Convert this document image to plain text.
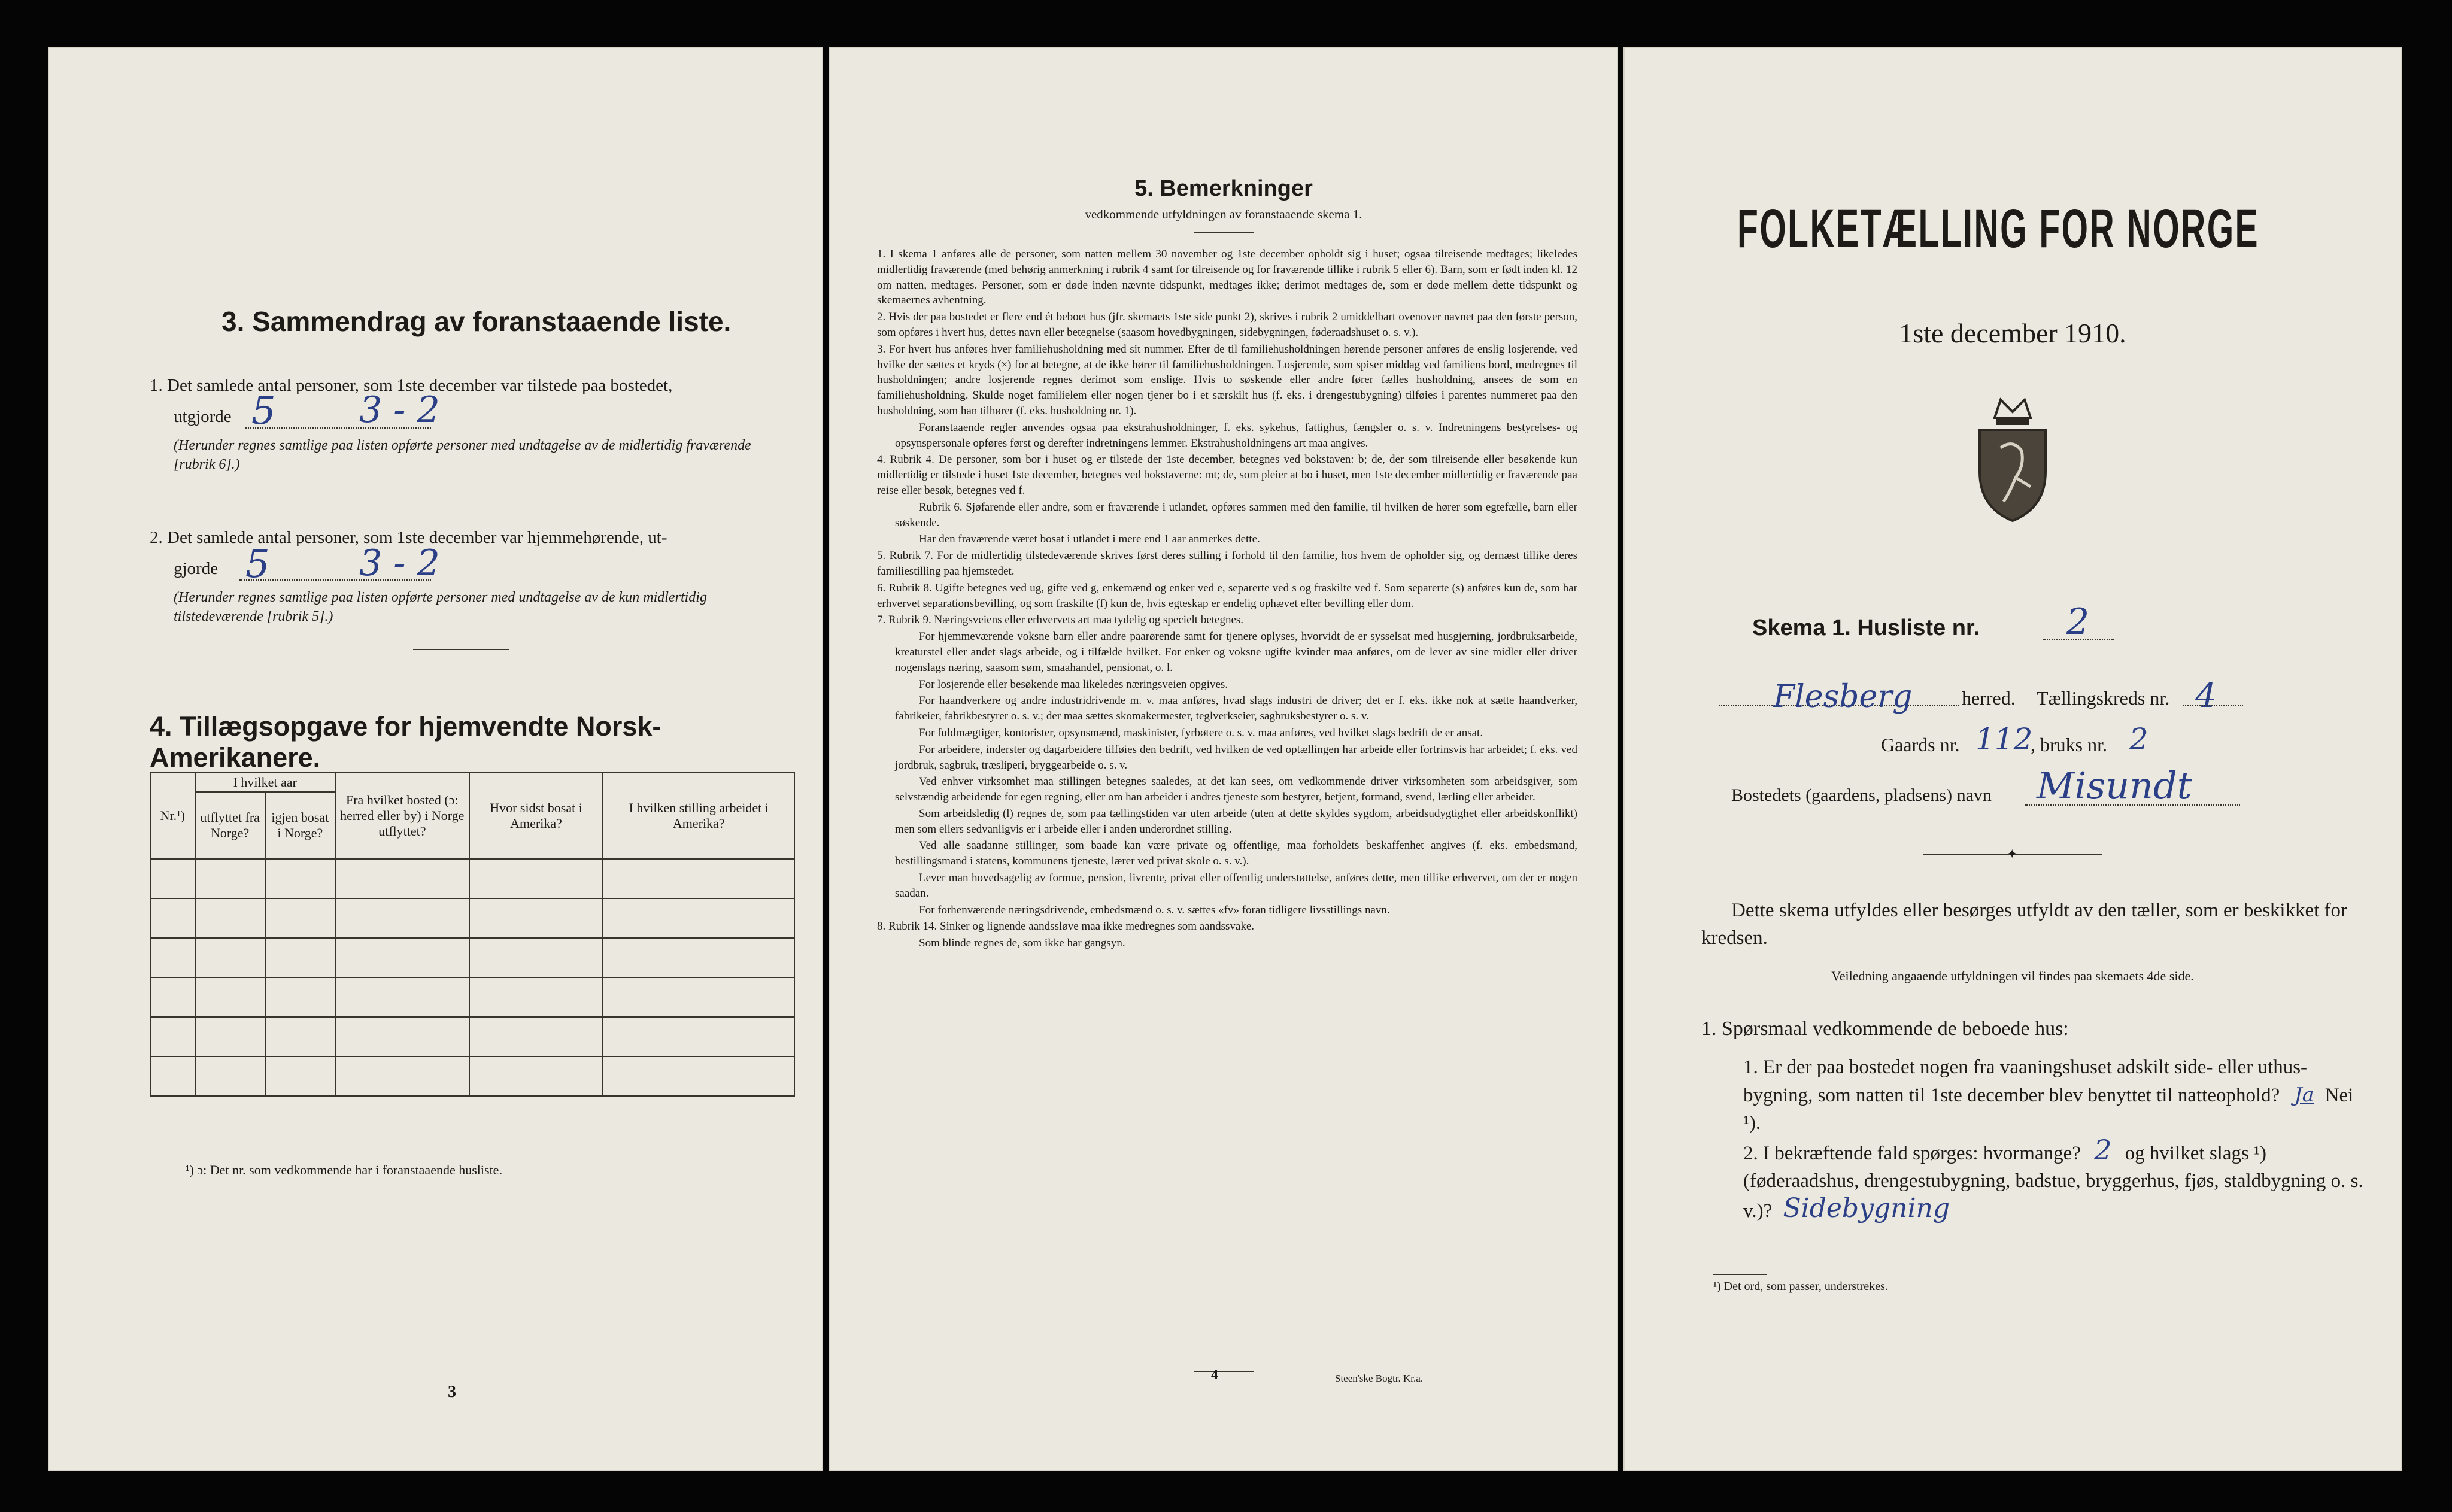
3. Sammendrag av foranstaaende liste.
1. Det samlede antal personer, som 1ste december var tilstede paa bostedet,
utgjorde 5 3 - 2
(Herunder regnes samtlige paa listen opførte personer med undtagelse av de midlertidig fraværende [rubrik 6].)
2. Det samlede antal personer, som 1ste december var hjemmehørende, ut-
gjorde 5 3 - 2
(Herunder regnes samtlige paa listen opførte personer med undtagelse av de kun midlertidig tilstedeværende [rubrik 5].)
4. Tillægsopgave for hjemvendte Norsk-Amerikanere.
Nr.¹)	I hvilket aar		Fra hvilket bosted (ɔ: herred eller by) i Norge utflyttet?	Hvor sidst bosat i Amerika?	I hvilken stilling arbeidet i Amerika?
	utflyttet fra Norge?	igjen bosat i Norge?			

¹) ɔ: Det nr. som vedkommende har i foranstaaende husliste.
3
5. Bemerkninger
vedkommende utfyldningen av foranstaaende skema 1.
1. I skema 1 anføres alle de personer, som natten mellem 30 november og 1ste december opholdt sig i huset; ogsaa tilreisende medtages; likeledes midlertidig fraværende (med behørig anmerkning i rubrik 4 samt for tilreisende og for fraværende tillike i rubrik 5 eller 6). Barn, som er født inden kl. 12 om natten, medtages. Personer, som er døde inden nævnte tidspunkt, medtages ikke; derimot medtages de, som er døde mellem dette tidspunkt og skemaernes avhentning.
2. Hvis der paa bostedet er flere end ét beboet hus (jfr. skemaets 1ste side punkt 2), skrives i rubrik 2 umiddelbart ovenover navnet paa den første person, som opføres i hvert hus, dettes navn eller betegnelse (saasom hovedbygningen, sidebygningen, føderaadshuset o. s. v.).
3. For hvert hus anføres hver familiehusholdning med sit nummer. Efter de til familiehusholdningen hørende personer anføres de enslig losjerende, ved hvilke der sættes et kryds (×) for at betegne, at de ikke hører til familiehusholdningen. Losjerende, som spiser middag ved familiens bord, medregnes til husholdningen; andre losjerende regnes derimot som enslige. Hvis to søskende eller andre fører fælles husholdning, ansees de som en familiehusholdning. Skulde noget familielem eller nogen tjener bo i et særskilt hus (f. eks. i drengestubygning) tilføies i parentes nummeret paa den husholdning, som han tilhører (f. eks. husholdning nr. 1).
Foranstaaende regler anvendes ogsaa paa ekstrahusholdninger, f. eks. sykehus, fattighus, fængsler o. s. v. Indretningens bestyrelses- og opsynspersonale opføres først og derefter indretningens lemmer. Ekstrahusholdningens art maa angives.
4. Rubrik 4. De personer, som bor i huset og er tilstede der 1ste december, betegnes ved bokstaven: b; de, der som tilreisende eller besøkende kun midlertidig er tilstede i huset 1ste december, betegnes ved bokstaverne: mt; de, som pleier at bo i huset, men 1ste december midlertidig er fraværende paa reise eller besøk, betegnes ved f.
Rubrik 6. Sjøfarende eller andre, som er fraværende i utlandet, opføres sammen med den familie, til hvilken de hører som egtefælle, barn eller søskende.
Har den fraværende været bosat i utlandet i mere end 1 aar anmerkes dette.
5. Rubrik 7. For de midlertidig tilstedeværende skrives først deres stilling i forhold til den familie, hos hvem de opholder sig, og dernæst tillike deres familiestilling paa hjemstedet.
6. Rubrik 8. Ugifte betegnes ved ug, gifte ved g, enkemænd og enker ved e, separerte ved s og fraskilte ved f. Som separerte (s) anføres kun de, som har erhvervet separationsbevilling, og som fraskilte (f) kun de, hvis egteskap er endelig ophævet efter bevilling eller dom.
7. Rubrik 9. Næringsveiens eller erhvervets art maa tydelig og specielt betegnes.
For hjemmeværende voksne barn eller andre paarørende samt for tjenere oplyses, hvorvidt de er sysselsat med husgjerning, jordbruksarbeide, kreaturstel eller andet slags arbeide, og i tilfælde hvilket. For enker og voksne ugifte kvinder maa anføres, om de lever av sine midler eller driver nogenslags næring, saasom søm, smaahandel, pensionat, o. l.
For losjerende eller besøkende maa likeledes næringsveien opgives.
For haandverkere og andre industridrivende m. v. maa anføres, hvad slags industri de driver; det er f. eks. ikke nok at sætte haandverker, fabrikeier, fabrikbestyrer o. s. v.; der maa sættes skomakermester, teglverkseier, sagbruksbestyrer o. s. v.
For fuldmægtiger, kontorister, opsynsmænd, maskinister, fyrbøtere o. s. v. maa anføres, ved hvilket slags bedrift de er ansat.
For arbeidere, inderster og dagarbeidere tilføies den bedrift, ved hvilken de ved optællingen har arbeide eller fortrinsvis har arbeidet; f. eks. ved jordbruk, sagbruk, træsliperi, bryggearbeide o. s. v.
Ved enhver virksomhet maa stillingen betegnes saaledes, at det kan sees, om vedkommende driver virksomheten som arbeidsgiver, som selvstændig arbeidende for egen regning, eller om han arbeider i andres tjeneste som bestyrer, betjent, formand, svend, lærling eller arbeider.
Som arbeidsledig (l) regnes de, som paa tællingstiden var uten arbeide (uten at dette skyldes sygdom, arbeidsudygtighet eller arbeidskonflikt) men som ellers sedvanligvis er i arbeide eller i anden underordnet stilling.
Ved alle saadanne stillinger, som baade kan være private og offentlige, maa forholdets beskaffenhet angives (f. eks. embedsmand, bestillingsmand i statens, kommunens tjeneste, lærer ved privat skole o. s. v.).
Lever man hovedsagelig av formue, pension, livrente, privat eller offentlig understøttelse, anføres dette, men tillike erhvervet, om der er nogen saadan.
For forhenværende næringsdrivende, embedsmænd o. s. v. sættes «fv» foran tidligere livsstillings navn.
8. Rubrik 14. Sinker og lignende aandssløve maa ikke medregnes som aandssvake.
Som blinde regnes de, som ikke har gangsyn.
4	Steen'ske Bogtr. Kr.a.
FOLKETÆLLING FOR NORGE
1ste december 1910.
Skema 1. Husliste nr. 2
Flesberg	herred. Tællingskreds nr. 4
Gaards nr. 112
, bruks nr. 2
Bostedets (gaardens, pladsens) navn Misundt
✦
Dette skema utfyldes eller besørges utfyldt av den tæller, som er beskikket for kredsen.
Veiledning angaaende utfyldningen vil findes paa skemaets 4de side.
1. Spørsmaal vedkommende de beboede hus:
1. Er der paa bostedet nogen fra vaaningshuset adskilt side- eller uthus-bygning, som natten til 1ste december blev benyttet til natteophold? Ja Nei ¹).
2. I bekræftende fald spørges: hvormange? 2 og hvilket slags ¹) (føderaadshus, drengestubygning, badstue, bryggerhus, fjøs, staldbygning o. s. v.)? Sidebygning
¹) Det ord, som passer, understrekes.
